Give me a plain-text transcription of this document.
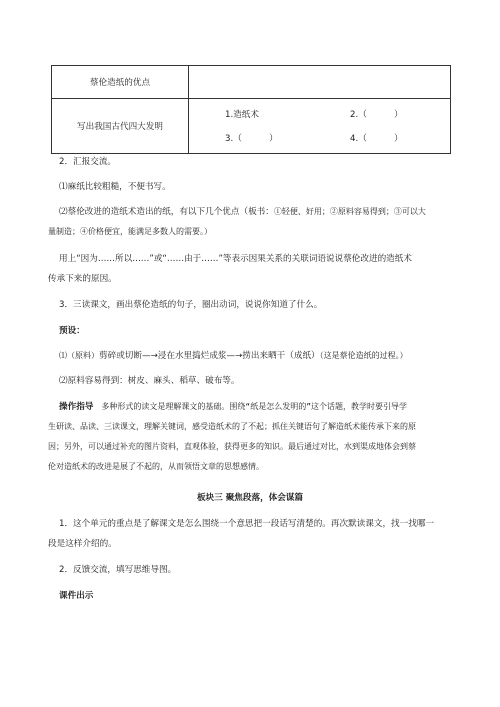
蔡伦造纸的优点	
写出我国古代四大发明	1.造纸术 2.（          ）
3.（          ） 4.（          ）
2．汇报交流。
⑴麻纸比较粗糙，不便书写。
⑵蔡伦改进的造纸术造出的纸，有以下几个优点（板书：①轻便、好用；②原料容易得到；③可以大
量制造；④价格便宜，能满足多数人的需要。）
用上“因为……所以……”或“……由于……”等表示因果关系的关联词语说说蔡伦改进的造纸术
传承下来的原因。
3．三读课文，画出蔡伦造纸的句子，圈出动词，说说你知道了什么。
预设：
⑴（原料）剪碎或切断—→浸在水里捣烂成浆—→捞出来晒干（成纸）（这是蔡伦造纸的过程。）
⑵原料容易得到：树皮、麻头、稻草、破布等。
操作指导 多种形式的读文是理解课文的基础。围绕“纸是怎么发明的”这个话题，教学时要引导学
生研读、品读、三读课文，理解关键词，感受造纸术的了不起；抓住关键语句了解造纸术能传承下来的原
因；另外，可以通过补充的图片资料，直观体验，获得更多的知识。最后通过对比，水到渠成地体会到蔡
伦对造纸术的改进是展了不起的，从而领悟文章的思想感情。
板块三 聚焦段落，体会谋篇
1．这个单元的重点是了解课文是怎么围绕一个意思把一段话写清楚的。再次默读课文，找一找哪一
段是这样介绍的。
2．反馈交流，填写思维导图。
课件出示
